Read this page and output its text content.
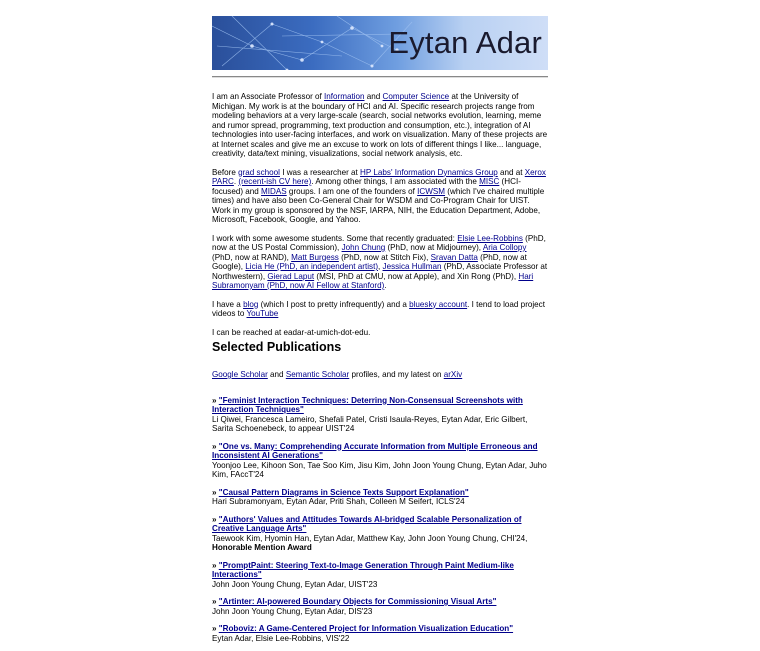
Eytan Adar

I am an Associate Professor of Information and Computer Science at the University of Michigan. My work is at the boundary of HCI and AI. Specific research projects range from modeling behaviors at a very large-scale (search, social networks evolution, learning, meme and rumor spread, programming, text production and consumption, etc.), integration of AI technologies into user-facing interfaces, and work on visualization. Many of these projects are at Internet scales and give me an excuse to work on lots of different things I like... language, creativity, data/text mining, visualizations, social network analysis, etc.

Before grad school I was a researcher at HP Labs' Information Dynamics Group and at Xerox PARC. (recent-ish CV here). Among other things, I am associated with the MISC (HCI-focused) and MIDAS groups. I am one of the founders of ICWSM (which I've chaired multiple times) and have also been Co-General Chair for WSDM and Co-Program Chair for UIST. Work in my group is sponsored by the NSF, IARPA, NIH, the Education Department, Adobe, Microsoft, Facebook, Google, and Yahoo.

I work with some awesome students. Some that recently graduated: Elsie Lee-Robbins (PhD, now at the US Postal Commission), John Chung (PhD, now at Midjourney), Aria Collopy (PhD, now at RAND), Matt Burgess (PhD, now at Stitch Fix), Sravan Datta (PhD, now at Google), Licia He (PhD, an independent artist), Jessica Hullman (PhD, Associate Professor at Northwestern), Gierad Laput (MSI, PhD at CMU, now at Apple), and Xin Rong (PhD), Hari Subramonyam (PhD, now AI Fellow at Stanford).

I have a blog (which I post to pretty infrequently) and a bluesky account. I tend to load project videos to YouTube

I can be reached at eadar-at-umich-dot-edu.

Selected Publications

Google Scholar and Semantic Scholar profiles, and my latest on arXiv

» "Feminist Interaction Techniques: Deterring Non-Consensual Screenshots with Interaction Techniques"
Li Qiwei, Francesca Lameiro, Shefali Patel, Cristi Isaula-Reyes, Eytan Adar, Eric Gilbert, Sarita Schoenebeck, to appear UIST'24
» "One vs. Many: Comprehending Accurate Information from Multiple Erroneous and Inconsistent AI Generations"
Yoonjoo Lee, Kihoon Son, Tae Soo Kim, Jisu Kim, John Joon Young Chung, Eytan Adar, Juho Kim, FAccT'24
» "Causal Pattern Diagrams in Science Texts Support Explanation"
Hari Subramonyam, Eytan Adar, Priti Shah, Colleen M Seifert, ICLS'24
» "Authors' Values and Attitudes Towards AI-bridged Scalable Personalization of Creative Language Arts"
Taewook Kim, Hyomin Han, Eytan Adar, Matthew Kay, John Joon Young Chung, CHI'24,
Honorable Mention Award
» "PromptPaint: Steering Text-to-Image Generation Through Paint Medium-like Interactions"
John Joon Young Chung, Eytan Adar, UIST'23
» "Artinter: AI-powered Boundary Objects for Commissioning Visual Arts"
John Joon Young Chung, Eytan Adar, DIS'23
» "Roboviz: A Game-Centered Project for Information Visualization Education"
Eytan Adar, Elsie Lee-Robbins, VIS'22
